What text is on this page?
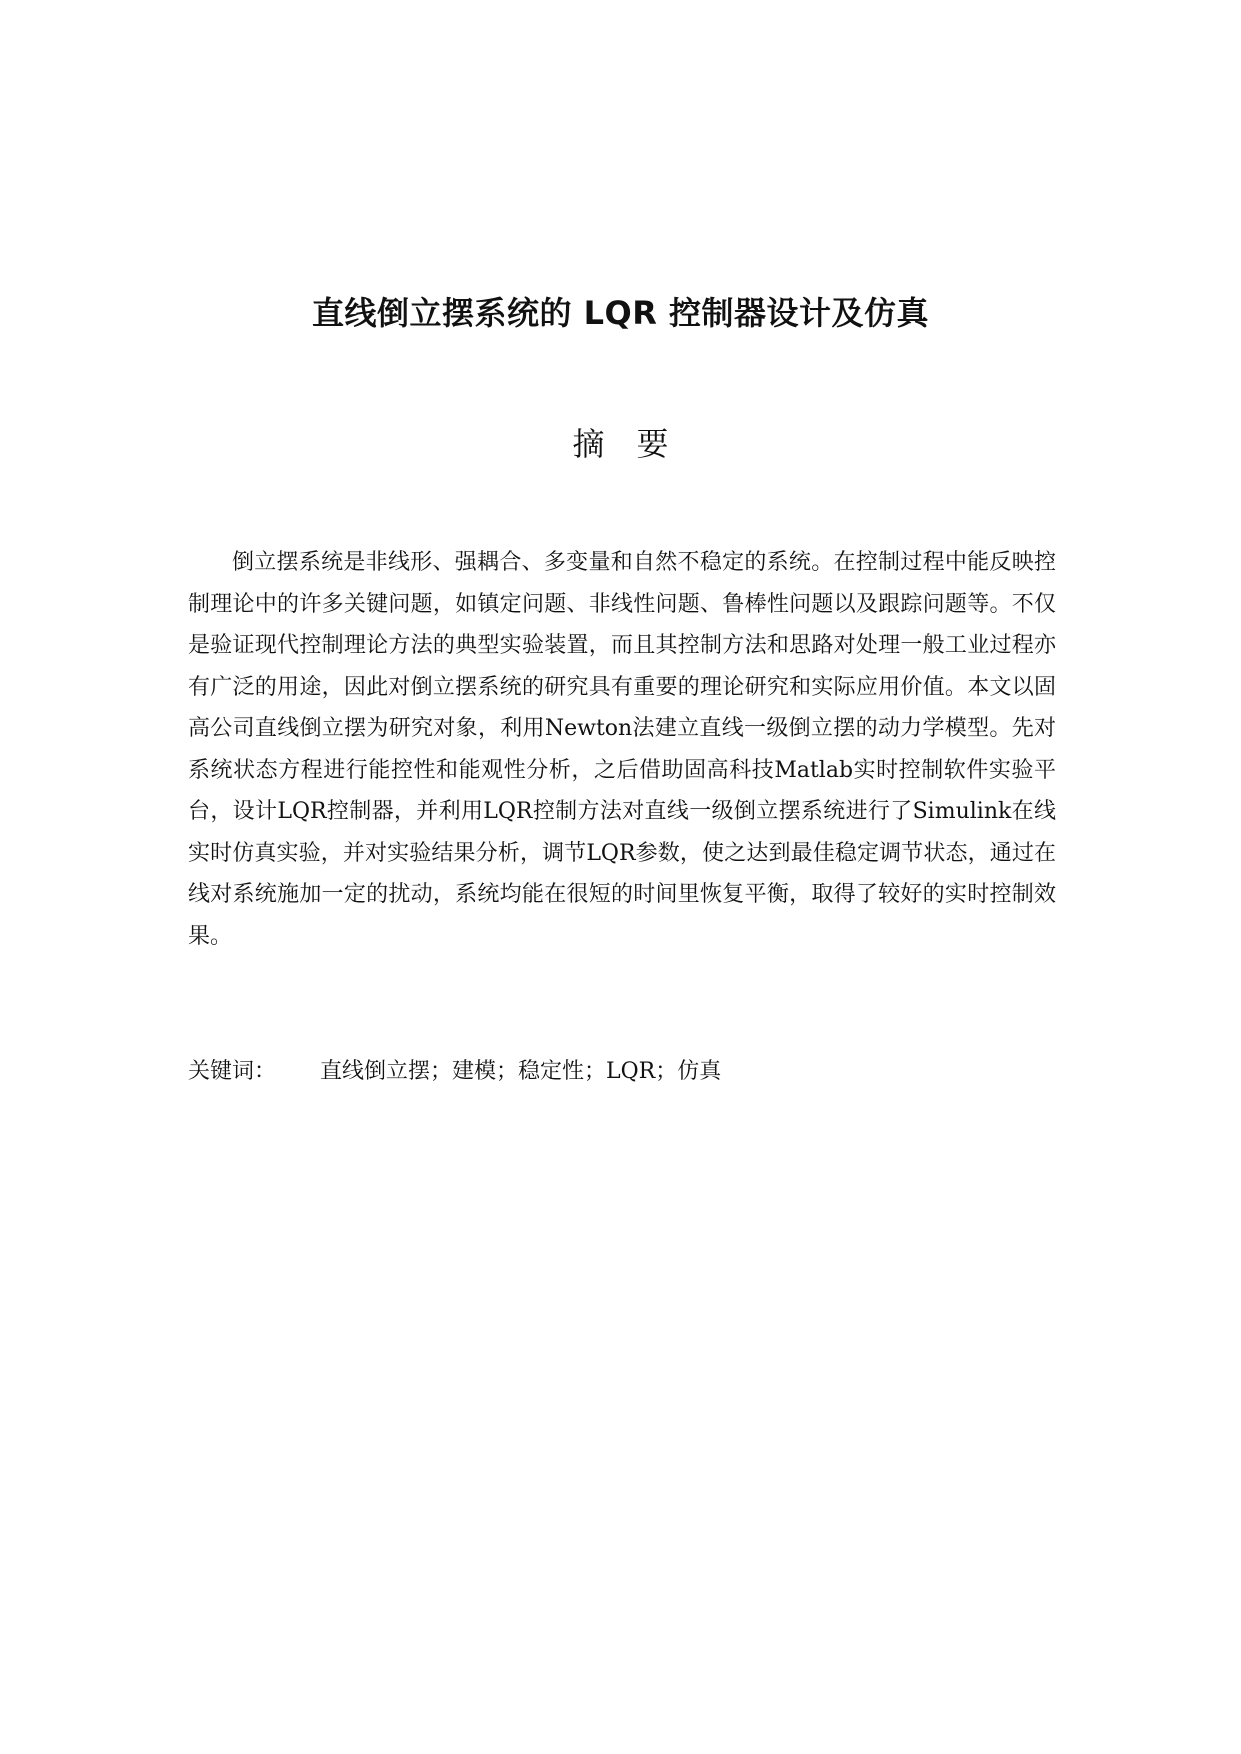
直线倒立摆系统的 LQR 控制器设计及仿真
摘要

倒立摆系统是非线形、强耦合、多变量和自然不稳定的系统。在控制过程中能反映控制理论中的许多关键问题，如镇定问题、非线性问题、鲁棒性问题以及跟踪问题等。不仅是验证现代控制理论方法的典型实验装置，而且其控制方法和思路对处理一般工业过程亦有广泛的用途，因此对倒立摆系统的研究具有重要的理论研究和实际应用价值。本文以固高公司直线倒立摆为研究对象，利用Newton法建立直线一级倒立摆的动力学模型。先对系统状态方程进行能控性和能观性分析，之后借助固高科技Matlab实时控制软件实验平台，设计LQR控制器，并利用LQR控制方法对直线一级倒立摆系统进行了Simulink在线实时仿真实验，并对实验结果分析，调节LQR参数，使之达到最佳稳定调节状态，通过在线对系统施加一定的扰动，系统均能在很短的时间里恢复平衡，取得了较好的实时控制效果。

关键词： 直线倒立摆；建模；稳定性；LQR；仿真
